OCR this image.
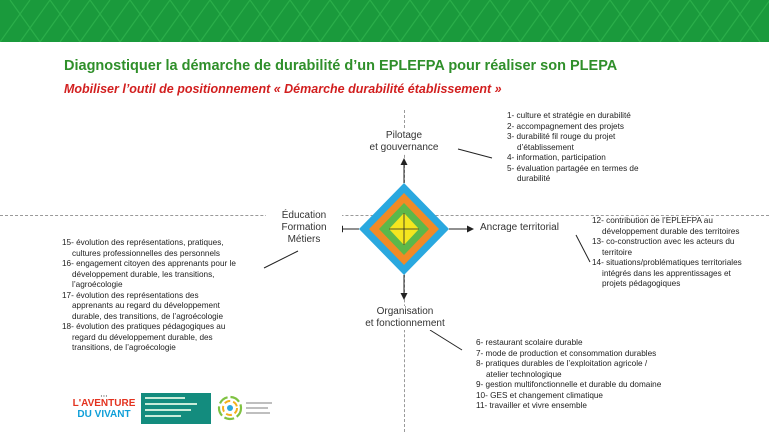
Diagnostiquer la démarche de durabilité d’un EPLEFPA pour réaliser son PLEPA
Mobiliser l’outil de positionnement « Démarche durabilité établissement »
Pilotage
et gouvernance
Éducation
Formation
Métiers
Ancrage territorial
Organisation
et fonctionnement
1- culture et stratégie en durabilité
2- accompagnement des projets
3- durabilité fil rouge du projet
d’établissement
4- information, participation
5- évaluation partagée en termes de
durabilité
12- contribution de l’EPLEFPA au
développement durable des territoires
13- co-construction avec les acteurs du
territoire
14- situations/problématiques territoriales
intégrés dans les apprentissages et
projets pédagogiques
15- évolution des représentations, pratiques,
cultures professionnelles des personnels
16- engagement citoyen des apprenants pour le
développement durable, les transitions,
l’agroécologie
17- évolution des représentations des
apprenants au regard du développement
durable, des transitions, de l’agroécologie
18- évolution des pratiques pédagogiques au
regard du développement durable, des
transitions, de l’agroécologie
6- restaurant scolaire durable
7- mode de production et consommation durables
8- pratiques durables de l’exploitation agricole /
atelier technologique
9- gestion multifonctionnelle et durable du domaine
10- GES et changement climatique
11- travailler et vivre ensemble
• • •
L'AVENTURE
DU VIVANT
